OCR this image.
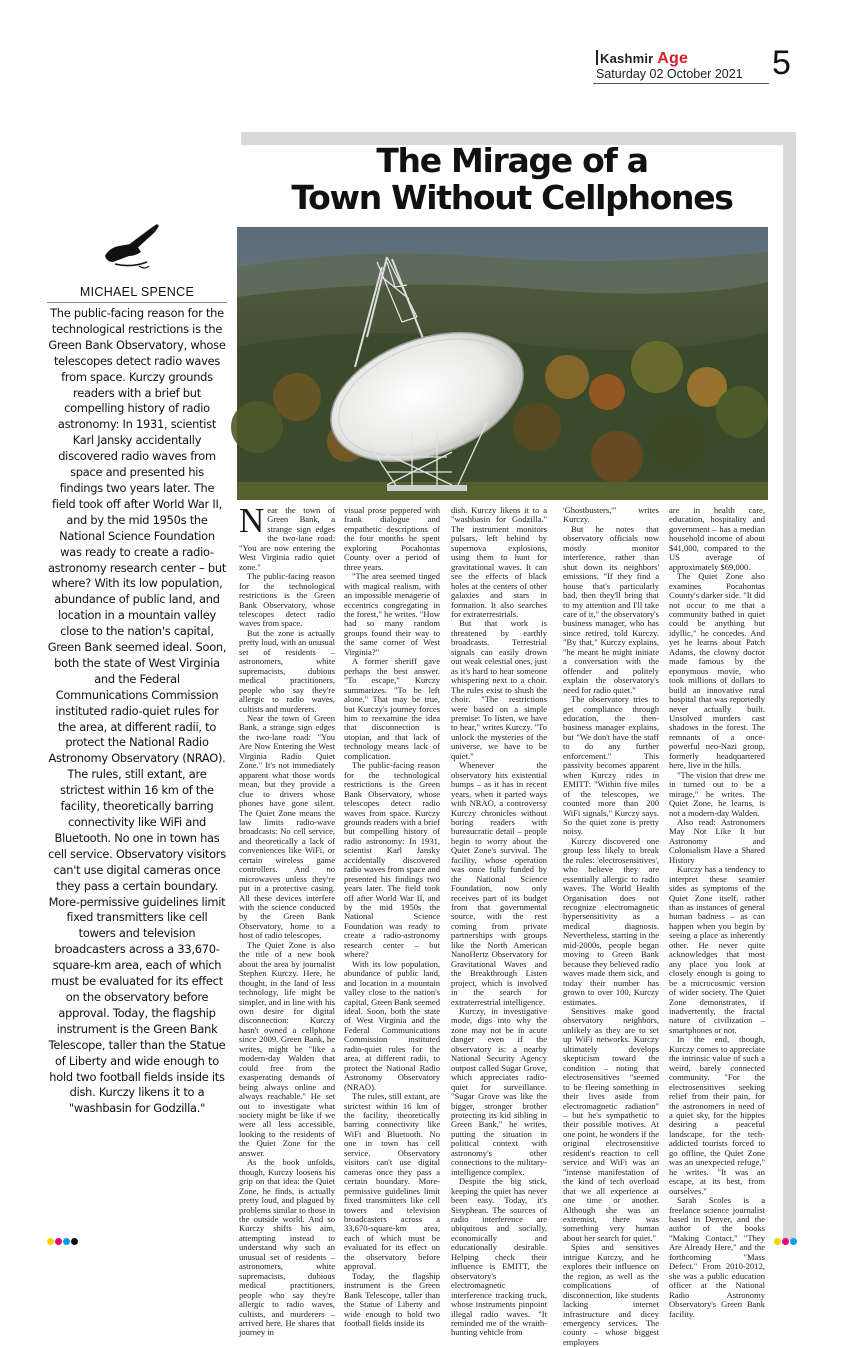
Kashmir Age
Saturday 02 October 2021 5
The Mirage of a
Town Without Cellphones
MICHAEL SPENCE
The public-facing reason for the technological restrictions is the Green Bank Observatory, whose telescopes detect radio waves from space. Kurczy grounds readers with a brief but compelling history of radio astronomy: In 1931, scientist Karl Jansky accidentally discovered radio waves from space and presented his findings two years later. The field took off after World War II, and by the mid 1950s the National Science Foundation was ready to create a radio-astronomy research center – but where? With its low population, abundance of public land, and location in a mountain valley close to the nation's capital, Green Bank seemed ideal. Soon, both the state of West Virginia and the Federal Communications Commission instituted radio-quiet rules for the area, at different radii, to protect the National Radio Astronomy Observatory (NRAO). The rules, still extant, are strictest within 16 km of the facility, theoretically barring connectivity like WiFi and Bluetooth. No one in town has cell service. Observatory visitors can't use digital cameras once they pass a certain boundary. More-permissive guidelines limit fixed transmitters like cell towers and television broadcasters across a 33,670-square-km area, each of which must be evaluated for its effect on the observatory before approval. Today, the flagship instrument is the Green Bank Telescope, taller than the Statue of Liberty and wide enough to hold two football fields inside its dish. Kurczy likens it to a "washbasin for Godzilla."

Near the town of Green Bank, a strange sign edges the two-lane road: "You are now entering the West Virginia radio quiet zone."

The public-facing reason for the technological restrictions is the Green Bank Observatory, whose telescopes detect radio waves from space.

But the zone is actually pretty loud, with an unusual set of residents – astronomers, white supremacists, dubious medical practitioners, people who say they're allergic to radio waves, cultists and murderers.

Near the town of Green Bank, a strange sign edges the two-lane road: "You Are Now Entering the West Virginia Radio Quiet Zone." It's not immediately apparent what those words mean, but they provide a clue to drivers whose phones have gone silent. The Quiet Zone means the law limits radio-wave broadcasts: No cell service, and theoretically a lack of conveniences like WiFi, or certain wireless game controllers. And no microwaves unless they're put in a protective casing. All these devices interfere with the science conducted by the Green Bank Observatory, home to a host of radio telescopes.

The Quiet Zone is also the title of a new book about the area by journalist Stephen Kurczy. Here, he thought, in the land of less technology, life might be simpler, and in line with his own desire for digital disconnection: Kurczy hasn't owned a cellphone since 2009. Green Bank, he writes, might be "like a modern-day Walden that could free from the exasperating demands of being always online and always reachable." He set out to investigate what society might be like if we were all less accessible, looking to the residents of the Quiet Zone for the answer.

As the book unfolds, though, Kurczy loosens his grip on that idea: the Quiet Zone, he finds, is actually pretty loud, and plagued by problems similar to those in the outside world. And so Kurczy shifts his aim, attempting instead to understand why such an unusual set of residents – astronomers, white supremacists, dubious medical practitioners, people who say they're allergic to radio waves, cultists, and murderers – arrived here. He shares that journey in

visual prose peppered with frank dialogue and empathetic descriptions of the four months he spent exploring Pocahontas County over a period of three years.

"The area seemed tinged with magical realism, with an impossible menagerie of eccentrics congregating in the forest," he writes. "How had so many random groups found their way to the same corner of West Virginia?"

A former sheriff gave perhaps the best answer. "To escape," Kurczy summarizes. "To be left alone." That may be true, but Kurczy's journey forces him to reexamine the idea that disconnection is utopian, and that lack of technology means lack of complication.

The public-facing reason for the technological restrictions is the Green Bank Observatory, whose telescopes detect radio waves from space. Kurczy grounds readers with a brief but compelling history of radio astronomy: In 1931, scientist Karl Jansky accidentally discovered radio waves from space and presented his findings two years later. The field took off after World War II, and by the mid 1950s the National Science Foundation was ready to create a radio-astronomy research center – but where?

With its low population, abundance of public land, and location in a mountain valley close to the nation's capital, Green Bank seemed ideal. Soon, both the state of West Virginia and the Federal Communications Commission instituted radio-quiet rules for the area, at different radii, to protect the National Radio Astronomy Observatory (NRAO).

The rules, still extant, are strictest within 16 km of the facility, theoretically barring connectivity like WiFi and Bluetooth. No one in town has cell service. Observatory visitors can't use digital cameras once they pass a certain boundary. More-permissive guidelines limit fixed transmitters like cell towers and television broadcasters across a 33,670-square-km area, each of which must be evaluated for its effect on the observatory before approval.

Today, the flagship instrument is the Green Bank Telescope, taller than the Statue of Liberty and wide enough to hold two football fields inside its

dish. Kurczy likens it to a "washbasin for Godzilla." The instrument monitors pulsars, left behind by supernova explosions, using them to hunt for gravitational waves. It can see the effects of black holes at the centers of other galaxies and stars in formation. It also searches for extraterrestrials.

But that work is threatened by earthly broadcasts. Terrestrial signals can easily drown out weak celestial ones, just as it's hard to hear someone whispering next to a choir. The rules exist to shush the choir. "The restrictions were based on a simple premise: To listen, we have to hear," writes Kurczy. "To unlock the mysteries of the universe, we have to be quiet."

Whenever the observatory hits existential bumps – as it has in recent years, when it parted ways with NRAO, a controversy Kurczy chronicles without boring readers with bureaucratic detail – people begin to worry about the Quiet Zone's survival. The facility, whose operation was once fully funded by the National Science Foundation, now only receives part of its budget from that governmental source, with the rest coming from private partnerships with groups like the North American NanoHertz Observatory for Gravitational Waves and the Breakthrough Listen project, which is involved in the search for extraterrestrial intelligence.

Kurczy, in investigative mode, digs into why the zone may not be in acute danger even if the observatory is: a nearby National Security Agency outpost called Sugar Grove, which appreciates radio-quiet for surveillance. "Sugar Grove was like the bigger, stronger brother protecting its kid sibling in Green Bank," he writes, putting the situation in political context with astronomy's other connections to the military-intelligence complex.

Despite the big stick, keeping the quiet has never been easy. Today, it's Sisyphean. The sources of radio interference are ubiquitous and socially, economically and educationally desirable. Helping check their influence is EMITT, the observatory's electromagnetic interference tracking truck, whose instruments pinpoint illegal radio waves. "It reminded me of the wraith-hunting vehicle from

'Ghostbusters,'" writes Kurczy.

But he notes that observatory officials now mostly monitor interference, rather than shut down its neighbors' emissions. "If they find a house that's particularly bad, then they'll bring that to my attention and I'll take care of it," the observatory's business manager, who has since retired, told Kurczy. "By that," Kurczy explains, "he meant he might initiate a conversation with the offender and politely explain the observatory's need for radio quiet."

The observatory tries to get compliance through education, the then-business manager explains, but "We don't have the staff to do any further enforcement." This passivity becomes apparent when Kurczy rides in EMITT: "Within five miles of the telescopes, we counted more than 200 WiFi signals," Kurczy says. So the quiet zone is pretty noisy.

Kurczy discovered one group less likely to break the rules: 'electrosensitives', who believe they are essentially allergic to radio waves. The World Health Organisation does not recognize electromagnetic hypersensitivity as a medical diagnosis. Nevertheless, starting in the mid-2000s, people began moving to Green Bank because they believed radio waves made them sick, and today their number has grown to over 100, Kurczy estimates.

Sensitives make good observatory neighbors, unlikely as they are to set up WiFi networks. Kurczy ultimately develops skepticism toward the condition – noting that electrosensitives "seemed to be fleeing something in their lives aside from electromagnetic radiation" – but he's sympathetic to their possible motives. At one point, he wonders if the original electrosensitive resident's reaction to cell service and WiFi was an "intense manifestation of the kind of tech overload that we all experience at one time or another. Although she was an extremist, there was something very human about her search for quiet."

Spies and sensitives intrigue Kurczy, and he explores their influence on the region, as well as the complications of disconnection, like students lacking internet infrastructure and dicey emergency services. The county – whose biggest employers

are in health care, education, hospitality and government – has a median household income of about $41,000, compared to the US average of approximately $69,000.

The Quiet Zone also examines Pocahontas County's darker side. "It did not occur to me that a community bathed in quiet could be anything but idyllic," he concedes. And yet he learns about Patch Adams, the clowny doctor made famous by the eponymous movie, who took millions of dollars to build an innovative rural hospital that was reportedly never actually built. Unsolved murders cast shadows in the forest. The remnants of a once-powerful neo-Nazi group, formerly headquartered here, live in the hills.

"The vision that drew me in turned out to be a mirage," he writes. The Quiet Zone, he learns, is not a modern-day Walden.

Also read: Astronomers May Not Like It but Astronomy and Colonialism Have a Shared History

Kurczy has a tendency to interpret these seamier sides as symptoms of the Quiet Zone itself, rather than as instances of general human badness – as can happen when you begin by seeing a place as inherently other. He never quite acknowledges that most any place you look at closely enough is going to be a microcosmic version of wider society. The Quiet Zone demonstrates, if inadvertently, the fractal nature of civilization – smartphones or not.

In the end, though, Kurczy comes to appreciate the intrinsic value of such a weird, barely connected community. "For the electrosensitives seeking relief from their pain, for the astronomers in need of a quiet sky, for the hippies desiring a peaceful landscape, for the tech-addicted tourists forced to go offline, the Quiet Zone was an unexpected refuge," he writes. "It was an escape, at its best, from ourselves."

Sarah Scoles is a freelance science journalist based in Denver, and the author of the books "Making Contact," "They Are Already Here," and the forthcoming "Mass Defect." From 2010-2012, she was a public education officer at the National Radio Astronomy Observatory's Green Bank facility.
